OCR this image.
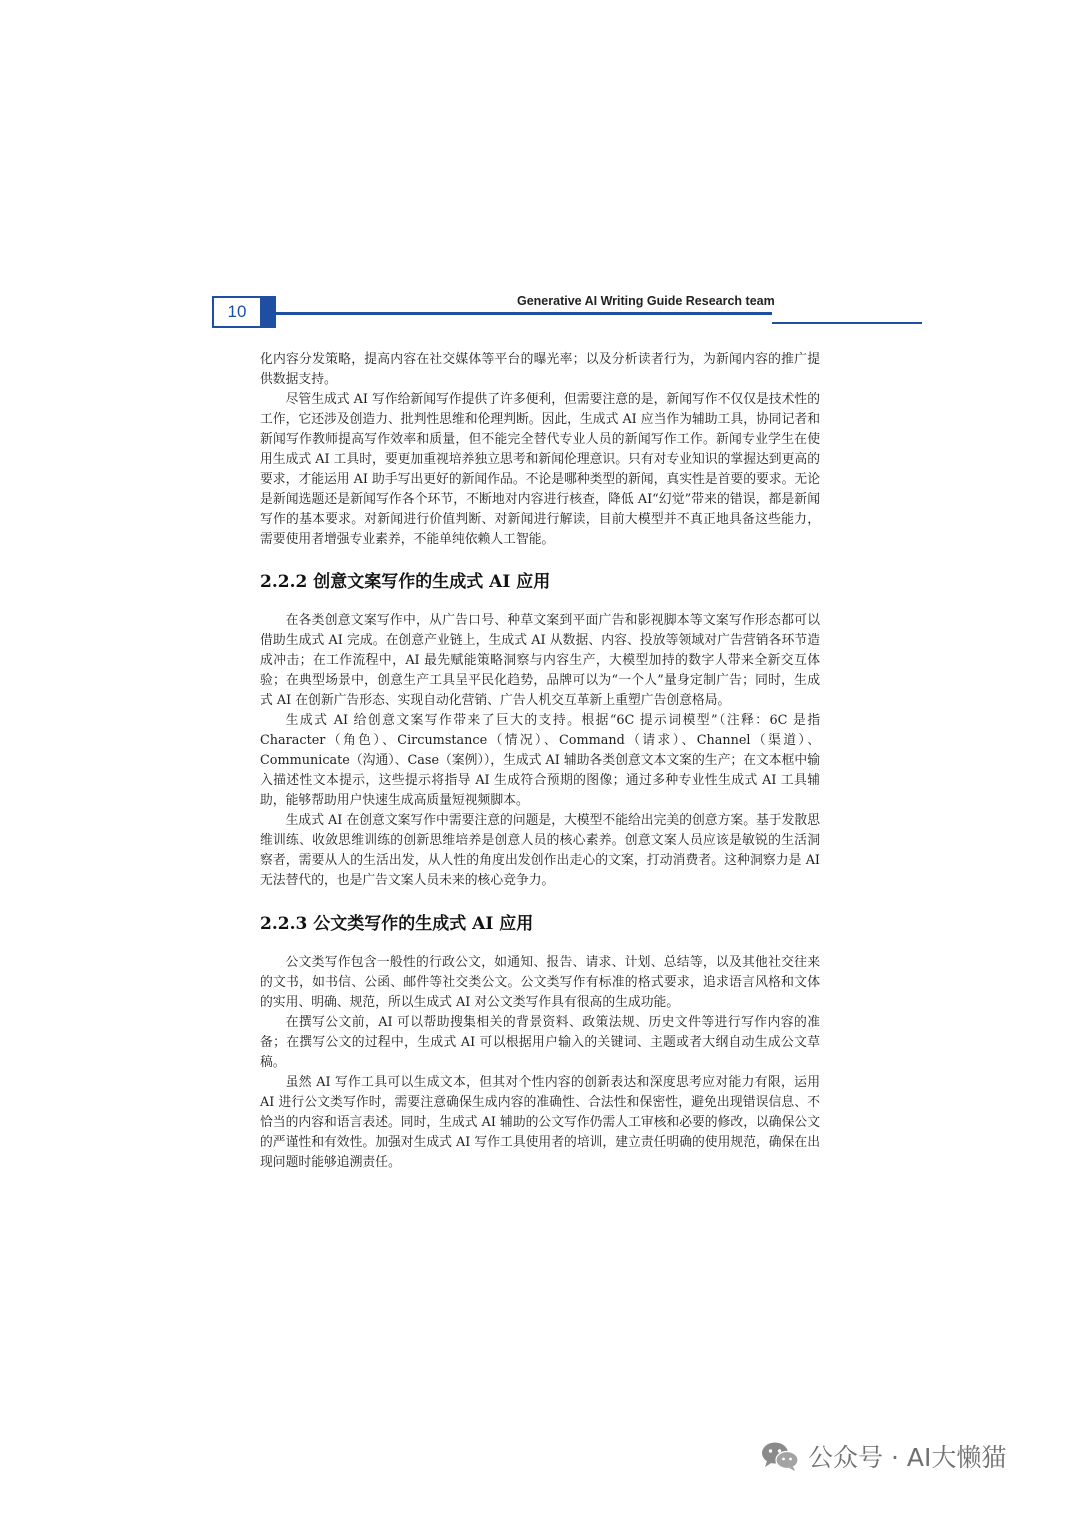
10
Generative AI Writing Guide Research team

化内容分发策略，提高内容在社交媒体等平台的曝光率；以及分析读者行为，为新闻内容的推广提供数据支持。

尽管生成式 AI 写作给新闻写作提供了许多便利，但需要注意的是，新闻写作不仅仅是技术性的工作，它还涉及创造力、批判性思维和伦理判断。因此，生成式 AI 应当作为辅助工具，协同记者和新闻写作教师提高写作效率和质量，但不能完全替代专业人员的新闻写作工作。新闻专业学生在使用生成式 AI 工具时，要更加重视培养独立思考和新闻伦理意识。只有对专业知识的掌握达到更高的要求，才能运用 AI 助手写出更好的新闻作品。不论是哪种类型的新闻，真实性是首要的要求。无论是新闻选题还是新闻写作各个环节，不断地对内容进行核查，降低 AI“幻觉”带来的错误，都是新闻写作的基本要求。对新闻进行价值判断、对新闻进行解读，目前大模型并不真正地具备这些能力，需要使用者增强专业素养，不能单纯依赖人工智能。

2.2.2 创意文案写作的生成式 AI 应用

在各类创意文案写作中，从广告口号、种草文案到平面广告和影视脚本等文案写作形态都可以借助生成式 AI 完成。在创意产业链上，生成式 AI 从数据、内容、投放等领域对广告营销各环节造成冲击；在工作流程中，AI 最先赋能策略洞察与内容生产，大模型加持的数字人带来全新交互体验；在典型场景中，创意生产工具呈平民化趋势，品牌可以为“一个人”量身定制广告；同时，生成式 AI 在创新广告形态、实现自动化营销、广告人机交互革新上重塑广告创意格局。

生成式 AI 给创意文案写作带来了巨大的支持。根据“6C 提示词模型”（注释：6C 是指 Character（角色）、Circumstance（情况）、Command（请求）、Channel（渠道）、Communicate（沟通）、Case（案例）），生成式 AI 辅助各类创意文本文案的生产；在文本框中输入描述性文本提示，这些提示将指导 AI 生成符合预期的图像；通过多种专业性生成式 AI 工具辅助，能够帮助用户快速生成高质量短视频脚本。

生成式 AI 在创意文案写作中需要注意的问题是，大模型不能给出完美的创意方案。基于发散思维训练、收敛思维训练的创新思维培养是创意人员的核心素养。创意文案人员应该是敏锐的生活洞察者，需要从人的生活出发，从人性的角度出发创作出走心的文案，打动消费者。这种洞察力是 AI 无法替代的，也是广告文案人员未来的核心竞争力。

2.2.3 公文类写作的生成式 AI 应用

公文类写作包含一般性的行政公文，如通知、报告、请求、计划、总结等，以及其他社交往来的文书，如书信、公函、邮件等社交类公文。公文类写作有标准的格式要求，追求语言风格和文体的实用、明确、规范，所以生成式 AI 对公文类写作具有很高的生成功能。

在撰写公文前，AI 可以帮助搜集相关的背景资料、政策法规、历史文件等进行写作内容的准备；在撰写公文的过程中，生成式 AI 可以根据用户输入的关键词、主题或者大纲自动生成公文草稿。

虽然 AI 写作工具可以生成文本，但其对个性内容的创新表达和深度思考应对能力有限，运用 AI 进行公文类写作时，需要注意确保生成内容的准确性、合法性和保密性，避免出现错误信息、不恰当的内容和语言表述。同时，生成式 AI 辅助的公文写作仍需人工审核和必要的修改，以确保公文的严谨性和有效性。加强对生成式 AI 写作工具使用者的培训，建立责任明确的使用规范，确保在出现问题时能够追溯责任。

公众号 · AI大懒猫
